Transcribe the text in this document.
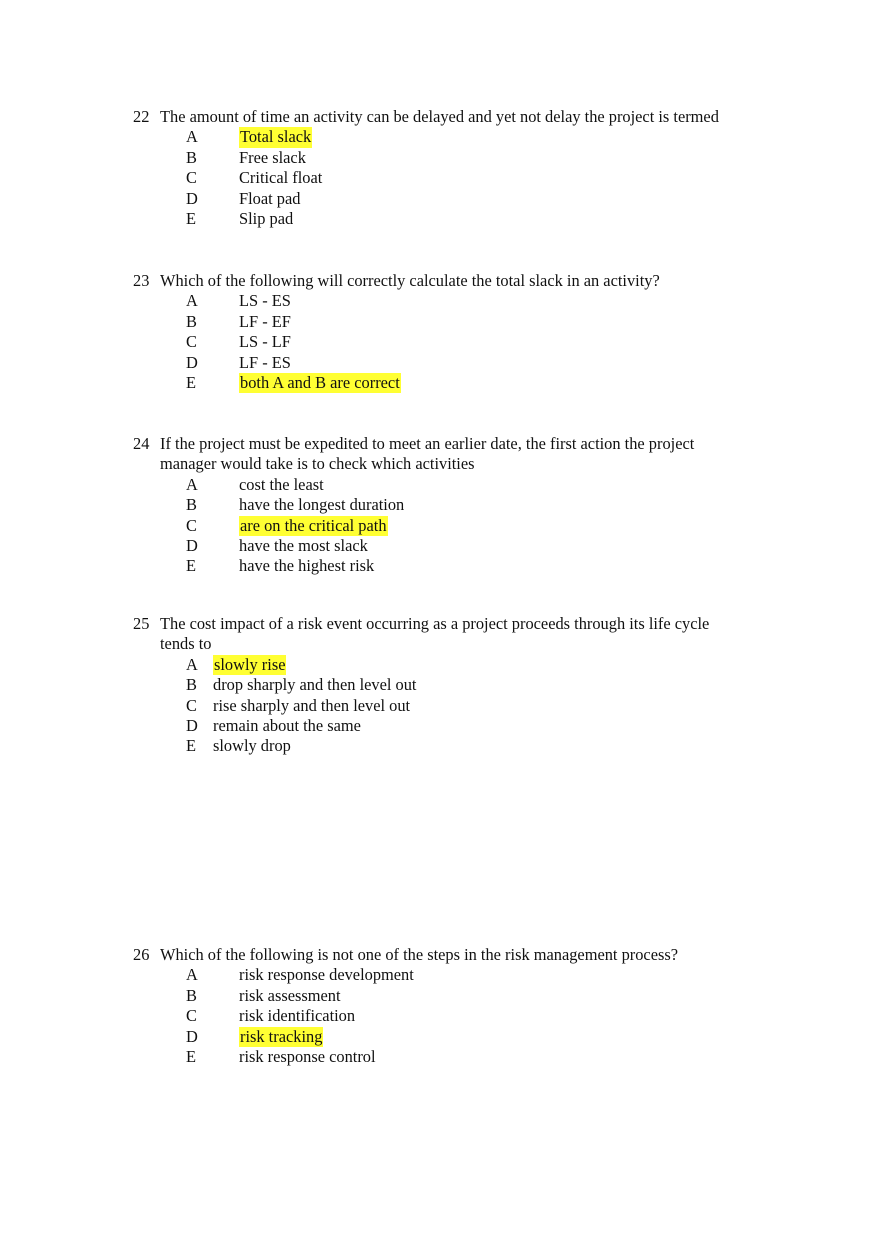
22 The amount of time an activity can be delayed and yet not delay the project is termed
A	Total slack
B	Free slack
C	Critical float
D	Float pad
E	Slip pad
23 Which of the following will correctly calculate the total slack in an activity?
A	LS - ES
B	LF - EF
C	LS - LF
D	LF - ES
E	both A and B are correct
24 If the project must be expedited to meet an earlier date, the first action the project
manager would take is to check which activities
A	cost the least
B	have the longest duration
C	are on the critical path
D	have the most slack
E	have the highest risk
25 The cost impact of a risk event occurring as a project proceeds through its life cycle
tends to
A slowly rise
B drop sharply and then level out
C rise sharply and then level out
D remain about the same
E slowly drop
26 Which of the following is not one of the steps in the risk management process?
A	risk response development
B	risk assessment
C	risk identification
D	risk tracking
E	risk response control
